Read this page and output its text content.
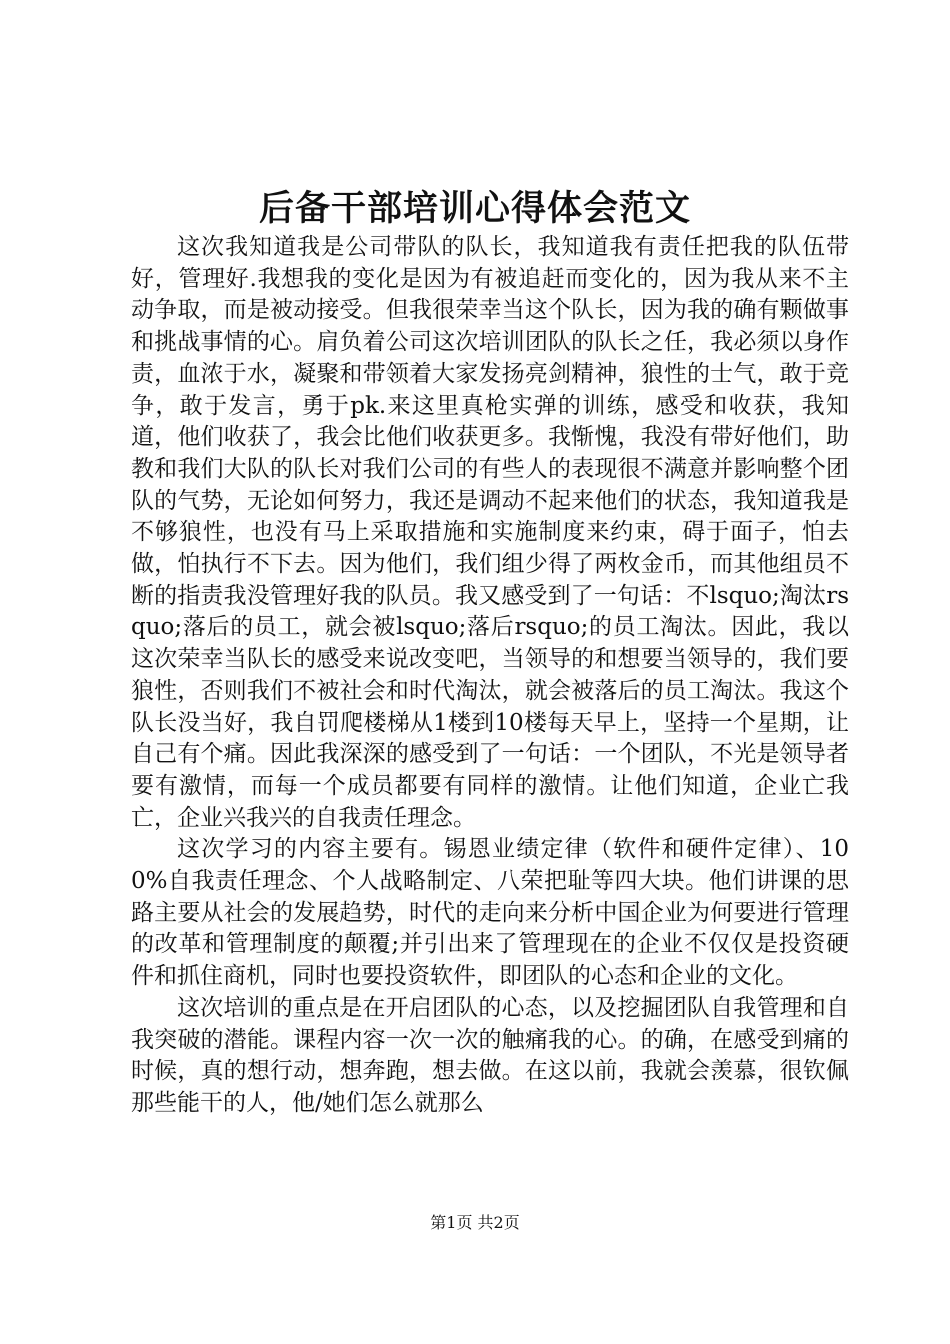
后备干部培训心得体会范文

这次我知道我是公司带队的队长，我知道我有责任把我的队伍带好，管理好.我想我的变化是因为有被追赶而变化的，因为我从来不主动争取，而是被动接受。但我很荣幸当这个队长，因为我的确有颗做事和挑战事情的心。肩负着公司这次培训团队的队长之任，我必须以身作责，血浓于水，凝聚和带领着大家发扬亮剑精神，狼性的士气，敢于竞争，敢于发言，勇于pk.来这里真枪实弹的训练，感受和收获，我知道，他们收获了，我会比他们收获更多。我惭愧，我没有带好他们，助教和我们大队的队长对我们公司的有些人的表现很不满意并影响整个团队的气势，无论如何努力，我还是调动不起来他们的状态，我知道我是不够狼性，也没有马上采取措施和实施制度来约束，碍于面子，怕去做，怕执行不下去。因为他们，我们组少得了两枚金币，而其他组员不断的指责我没管理好我的队员。我又感受到了一句话：不lsquo;淘汰rsquo;落后的员工，就会被lsquo;落后rsquo;的员工淘汰。因此，我以这次荣幸当队长的感受来说改变吧，当领导的和想要当领导的，我们要狼性，否则我们不被社会和时代淘汰，就会被落后的员工淘汰。我这个队长没当好，我自罚爬楼梯从1楼到10楼每天早上，坚持一个星期，让自己有个痛。因此我深深的感受到了一句话：一个团队，不光是领导者要有激情，而每一个成员都要有同样的激情。让他们知道，企业亡我亡，企业兴我兴的自我责任理念。

这次学习的内容主要有。锡恩业绩定律（软件和硬件定律）、100%自我责任理念、个人战略制定、八荣把耻等四大块。他们讲课的思路主要从社会的发展趋势，时代的走向来分析中国企业为何要进行管理的改革和管理制度的颠覆;并引出来了管理现在的企业不仅仅是投资硬件和抓住商机，同时也要投资软件，即团队的心态和企业的文化。

这次培训的重点是在开启团队的心态，以及挖掘团队自我管理和自我突破的潜能。课程内容一次一次的触痛我的心。的确，在感受到痛的时候，真的想行动，想奔跑，想去做。在这以前，我就会羡慕，很钦佩那些能干的人，他/她们怎么就那么

第1页 共2页
